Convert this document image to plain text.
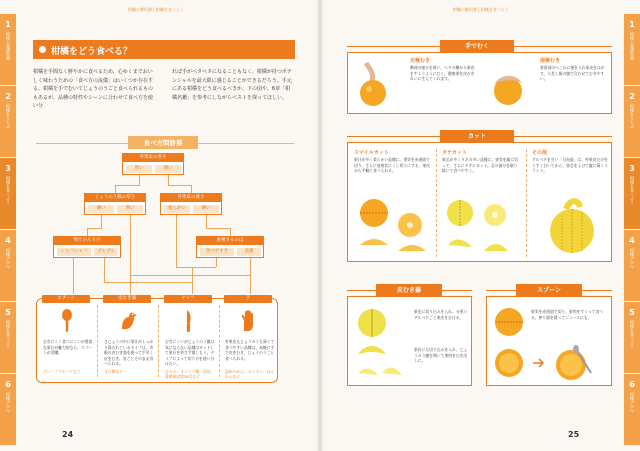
柑橘の教科書 | 柑橘を食べよう
1
柑橘の基礎知識
2
柑橘をえらぶ
3
柑橘を食べよう
4
柑橘ずかん
5
柑橘を食べよう
6
柑橘ずかん
柑橘をどう食べる？
柑橘を手間なく鮮やかに食べるため、心ゆくまでおいしく味わうための「食べ方の流儀」はいくつか存在する。柑橘を手でむいてじょうのうごと食べられるものもあるが、品種の特性やシーンに合わせて食べ方を使い分
れば手がベタベタになることもなく、柑橘が持つポテンシャルを最大限に感じることができるだろう。手元にある柑橘をどう食べるべきか、下の図や、6章「柑橘名鑑」を参考にしながらベストを探ってほしい。
食べ方問診票
外果皮の厚さ
厚い	薄い
じょうのう膜の厚さ
薄い	厚い
外果皮の硬さ
柔らかい	硬い
果汁の入り方
シャバシャバ	プルプル
重視するのは
食べやすさ	食感
スプーン
むきにくく食べにくいが豊富な果汁が魅力的なら、スプーンが活躍。
グレープフルーツなど
皮むき器
さじょうの中に果汁がしっかり保たれているタイプは、市販の皮むき器を使って手早く皮をむき、房ごとそのまま食べられる。
文旦類など
ナイフ
むきにくいがじょうのう膜は気にならない品種はカットして果汁を余さず楽しもう。タイプによって切り方を使い分けたい。
はるみ、オレンジ類、清見、愛媛果試第28号など
手
外果皮もじょうのうも薄くて食べやすい品種は、気軽に手で皮をむき、じょうのうごと食べられる。
温州みかん、ポンカン、ぽんかんなど
24
柑橘の教科書 | 柑橘を食べよう
1
柑橘の基礎知識
2
柑橘をえらぶ
3
柑橘を食べよう
4
柑橘ずかん
5
柑橘を食べよう
6
柑橘ずかん
手でむく
北極むき
臍部の窪みを使い、ヘタの横から果皮をすくうようにむく。健康果を皮がきれいに生えてくれます。
南極むき
果頂部のへこみに指を入れ果皮をはがす。人差し指の腹で合わせてむきやすい。
カット
スマイルカット
果汁が多く柔らかい品種に。果実を赤道面で切り、さらに放射状にくし切りにする。果皮から手軽に食べられる。
タテカット
果芯が多くタネの多い品種に。果実を縦に切って、さらにタテにカット。芯の部分を取り除いて食べやすく。
その他
アルベドを甘い「日向夏」は、外果皮だけをうすくむいてから、果芯をよけて縦に薄くスライス。
皮むき器
果皮に切り込みを入れ、分厚いアルベドごと果皮をむける。
果皮にも切り込みを入れ、じょうのう膜を開いて果肉をむき出しに。
スプーン
果実を赤道面で切り、果肉をすくって食べる。搾り器を使ってジュースにも。
25
